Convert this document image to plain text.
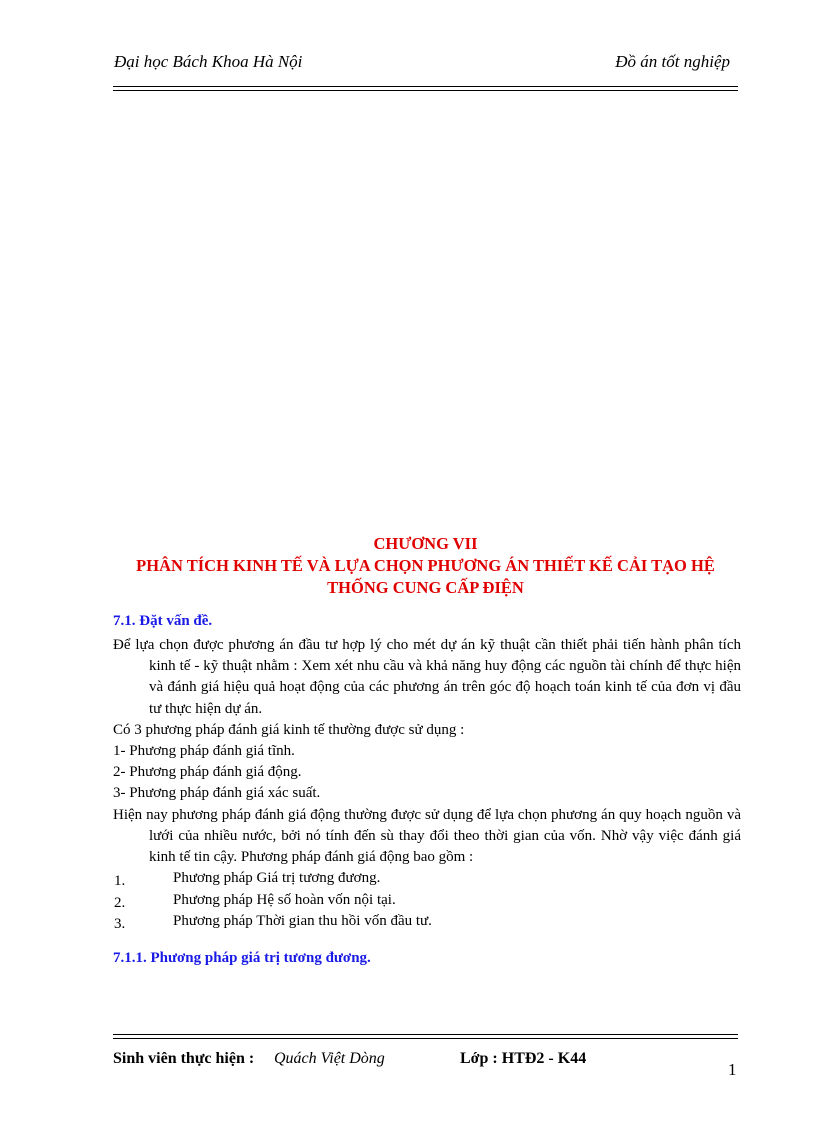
Đại học Bách Khoa Hà Nội	Đồ án tốt nghiệp
CHƯƠNG VII
PHÂN TÍCH KINH TẾ VÀ LỰA CHỌN PHƯƠNG ÁN THIẾT KẾ CẢI TẠO HỆ
THỐNG CUNG CẤP ĐIỆN
7.1. Đặt vấn đề.

Để lựa chọn được phương án đầu tư hợp lý cho mét dự án kỹ thuật cần thiết phải tiến hành phân tích kinh tế - kỹ thuật nhằm : Xem xét nhu cầu và khả năng huy động các nguồn tài chính để thực hiện và đánh giá hiệu quả hoạt động của các phương án trên góc độ hoạch toán kinh tế của đơn vị đầu tư thực hiện dự án.

Có 3 phương pháp đánh giá kinh tế thường được sử dụng :

1- Phương pháp đánh giá tĩnh.

2- Phương pháp đánh giá động.

3- Phương pháp đánh giá xác suất.

Hiện nay phương pháp đánh giá động thường được sử dụng để lựa chọn phương án quy hoạch nguồn và lưới của nhiều nước, bởi nó tính đến sù thay đổi theo thời gian của vốn. Nhờ vậy việc đánh giá kinh tế tin cậy. Phương pháp đánh giá động bao gồm :

1.	Phương pháp Giá trị tương đương.
2.	Phương pháp Hệ số hoàn vốn nội tại.
3.	Phương pháp Thời gian thu hồi vốn đầu tư.
7.1.1. Phương pháp giá trị tương đương.
Sinh viên thực hiện : Quách Việt Dòng	Lớp : HTĐ2 - K44
1
